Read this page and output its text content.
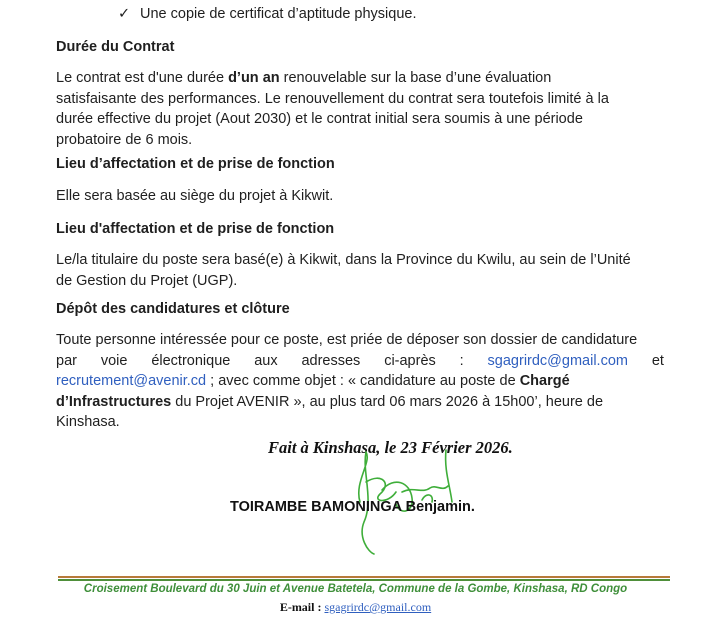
✓ Une copie de certificat d’aptitude physique.
Durée du Contrat
Le contrat est d'une durée d’un an renouvelable sur la base d’une évaluation
satisfaisante des performances. Le renouvellement du contrat sera toutefois limité à la
durée effective du projet (Aout 2030) et le contrat initial sera soumis à une période
probatoire de 6 mois.
Lieu d’affectation et de prise de fonction
Elle sera basée au siège du projet à Kikwit.
Lieu d'affectation et de prise de fonction
Le/la titulaire du poste sera basé(e) à Kikwit, dans la Province du Kwilu, au sein de l’Unité
de Gestion du Projet (UGP).
Dépôt des candidatures et clôture
Toute personne intéressée pour ce poste, est priée de déposer son dossier de candidature
par voie électronique aux adresses ci-après : sgagrirdc@gmail.com et
recrutement@avenir.cd ; avec comme objet : « candidature au poste de Chargé
d’Infrastructures du Projet AVENIR », au plus tard 06 mars 2026 à 15h00’, heure de
Kinshasa.
Fait à Kinshasa, le 23 Février 2026.
TOIRAMBE BAMONINGA Benjamin.
Croisement Boulevard du 30 Juin et Avenue Batetela, Commune de la Gombe, Kinshasa, RD Congo
E-mail : sgagrirdc@gmail.com
